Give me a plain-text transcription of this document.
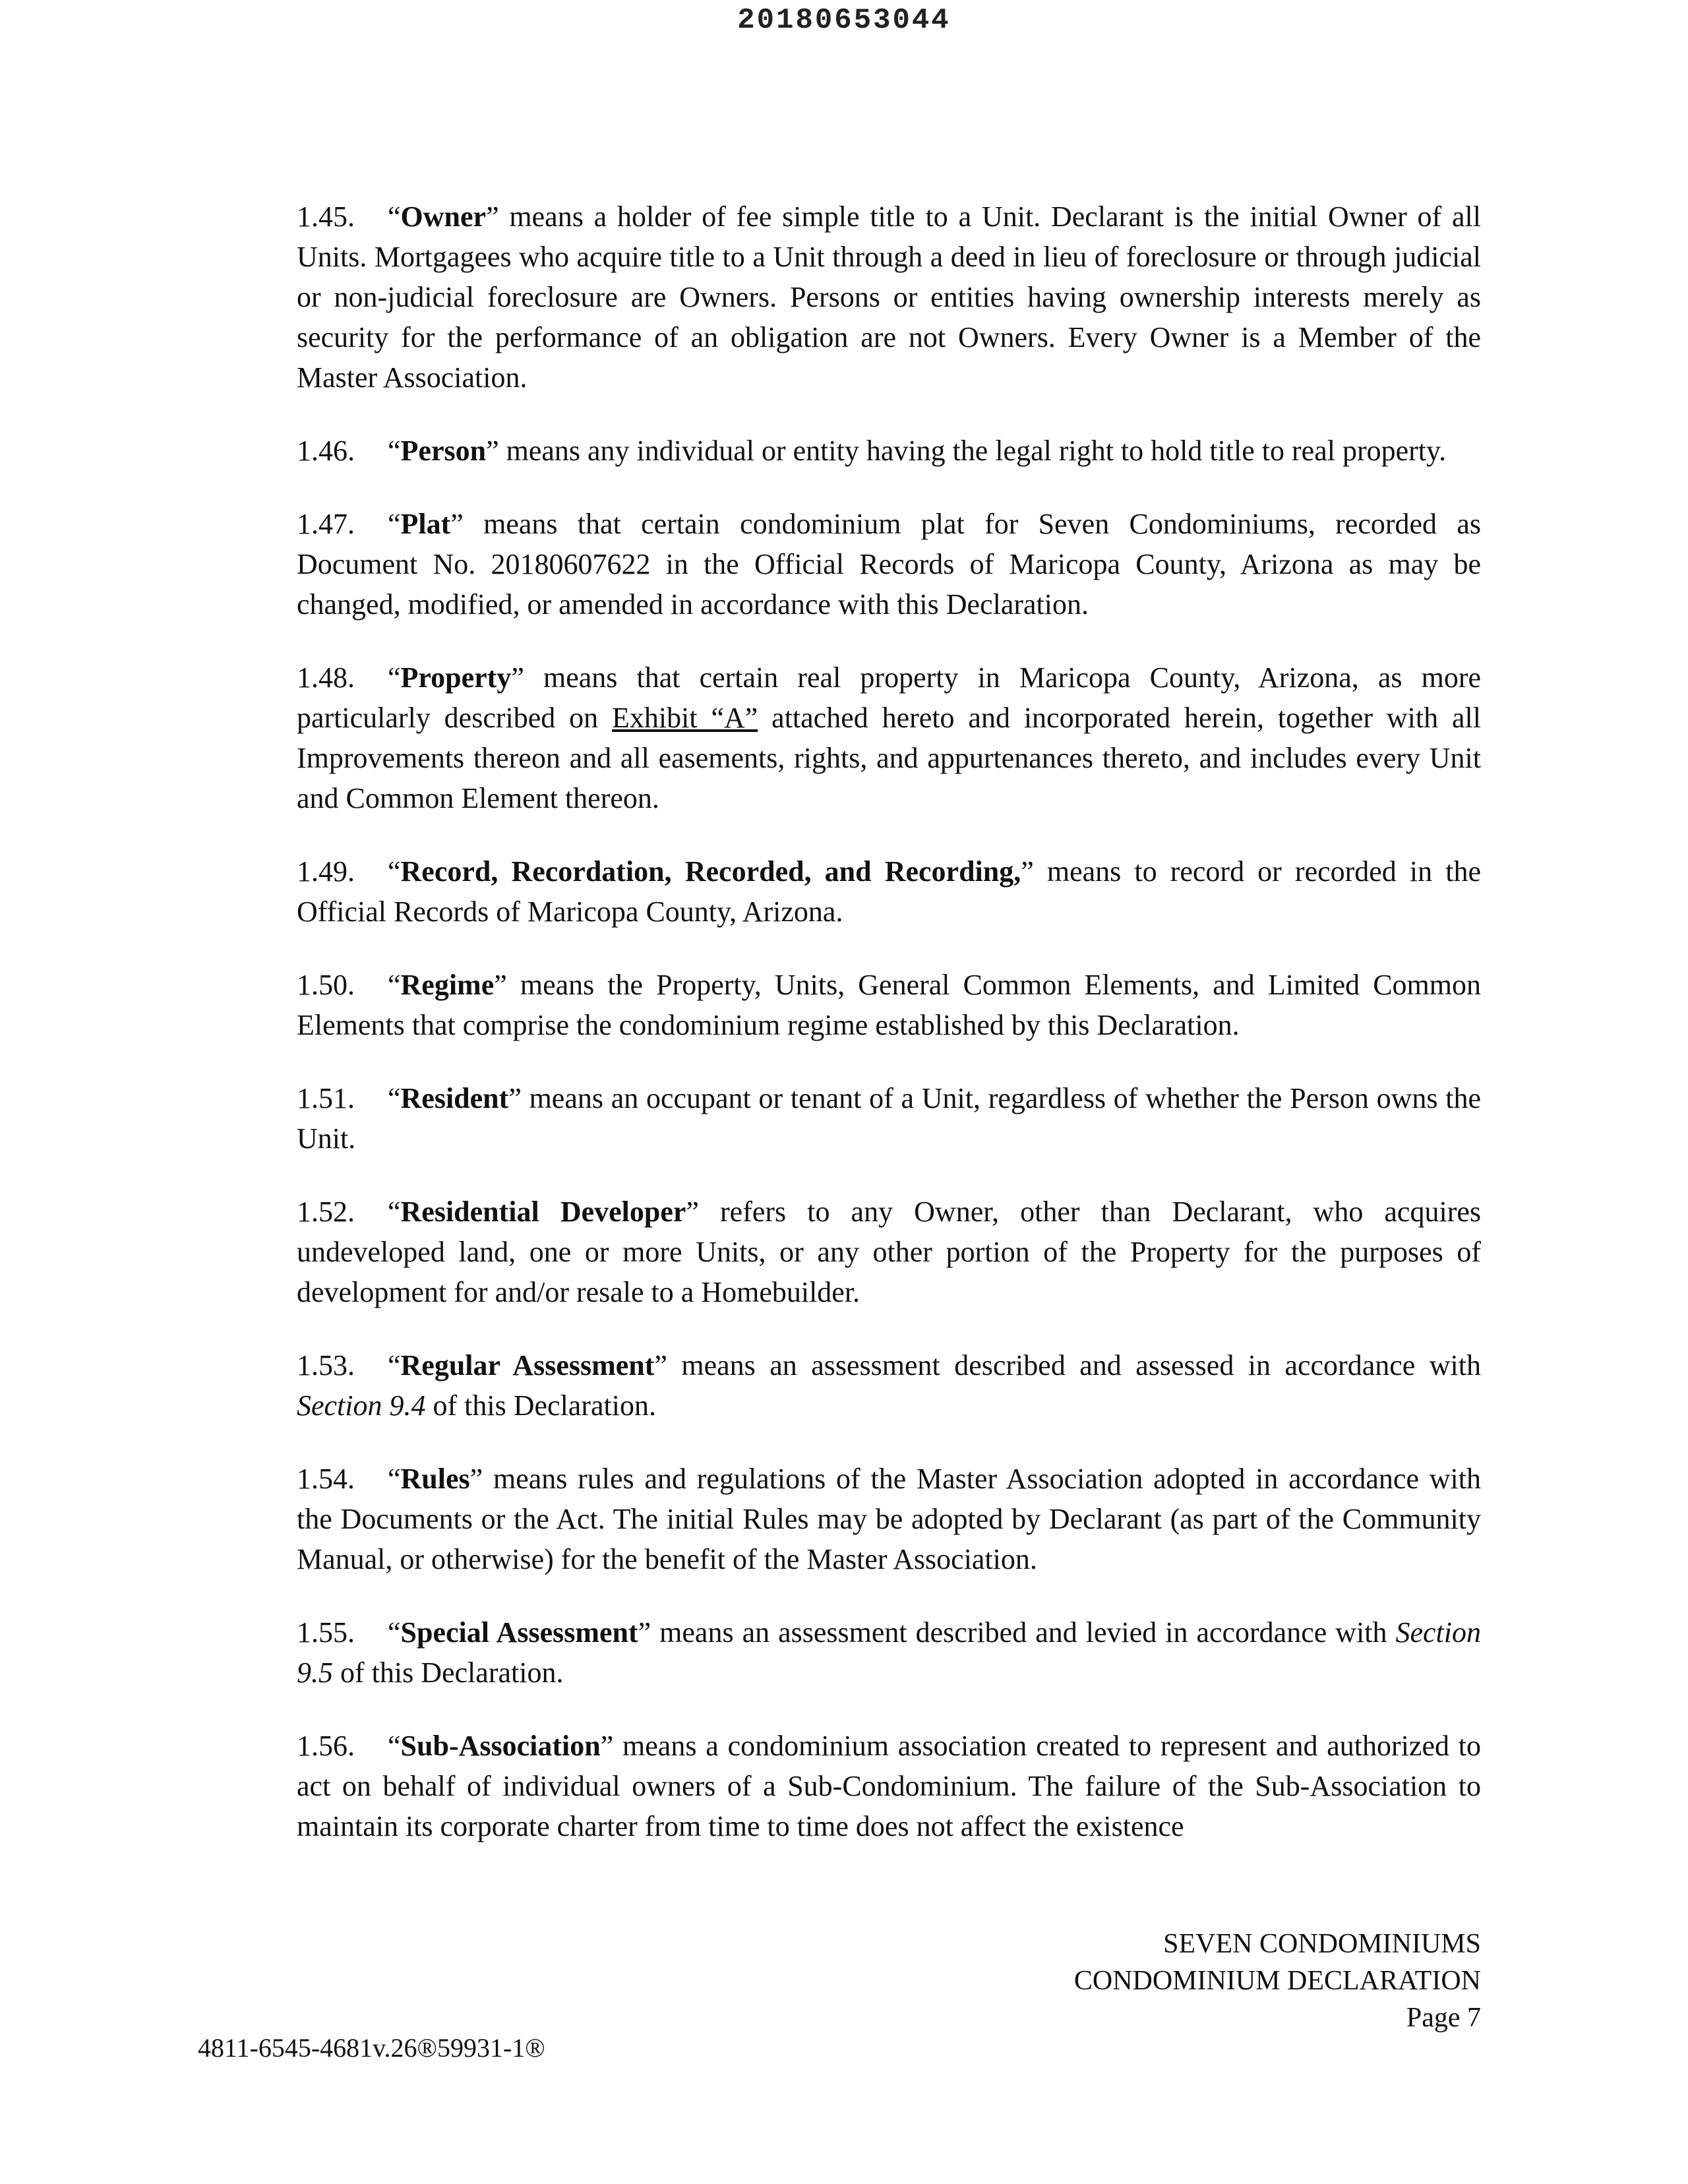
20180653044

1.45. “Owner” means a holder of fee simple title to a Unit. Declarant is the initial Owner of all Units. Mortgagees who acquire title to a Unit through a deed in lieu of foreclosure or through judicial or non-judicial foreclosure are Owners. Persons or entities having ownership interests merely as security for the performance of an obligation are not Owners. Every Owner is a Member of the Master Association.

1.46. “Person” means any individual or entity having the legal right to hold title to real property.

1.47. “Plat” means that certain condominium plat for Seven Condominiums, recorded as Document No. 20180607622 in the Official Records of Maricopa County, Arizona as may be changed, modified, or amended in accordance with this Declaration.

1.48. “Property” means that certain real property in Maricopa County, Arizona, as more particularly described on Exhibit “A” attached hereto and incorporated herein, together with all Improvements thereon and all easements, rights, and appurtenances thereto, and includes every Unit and Common Element thereon.

1.49. “Record, Recordation, Recorded, and Recording,” means to record or recorded in the Official Records of Maricopa County, Arizona.

1.50. “Regime” means the Property, Units, General Common Elements, and Limited Common Elements that comprise the condominium regime established by this Declaration.

1.51. “Resident” means an occupant or tenant of a Unit, regardless of whether the Person owns the Unit.

1.52. “Residential Developer” refers to any Owner, other than Declarant, who acquires undeveloped land, one or more Units, or any other portion of the Property for the purposes of development for and/or resale to a Homebuilder.

1.53. “Regular Assessment” means an assessment described and assessed in accordance with Section 9.4 of this Declaration.

1.54. “Rules” means rules and regulations of the Master Association adopted in accordance with the Documents or the Act. The initial Rules may be adopted by Declarant (as part of the Community Manual, or otherwise) for the benefit of the Master Association.

1.55. “Special Assessment” means an assessment described and levied in accordance with Section 9.5 of this Declaration.

1.56. “Sub-Association” means a condominium association created to represent and authorized to act on behalf of individual owners of a Sub-Condominium. The failure of the Sub-Association to maintain its corporate charter from time to time does not affect the existence

SEVEN CONDOMINIUMS
CONDOMINIUM DECLARATION
Page 7
4811-6545-4681v.26®59931-1®
